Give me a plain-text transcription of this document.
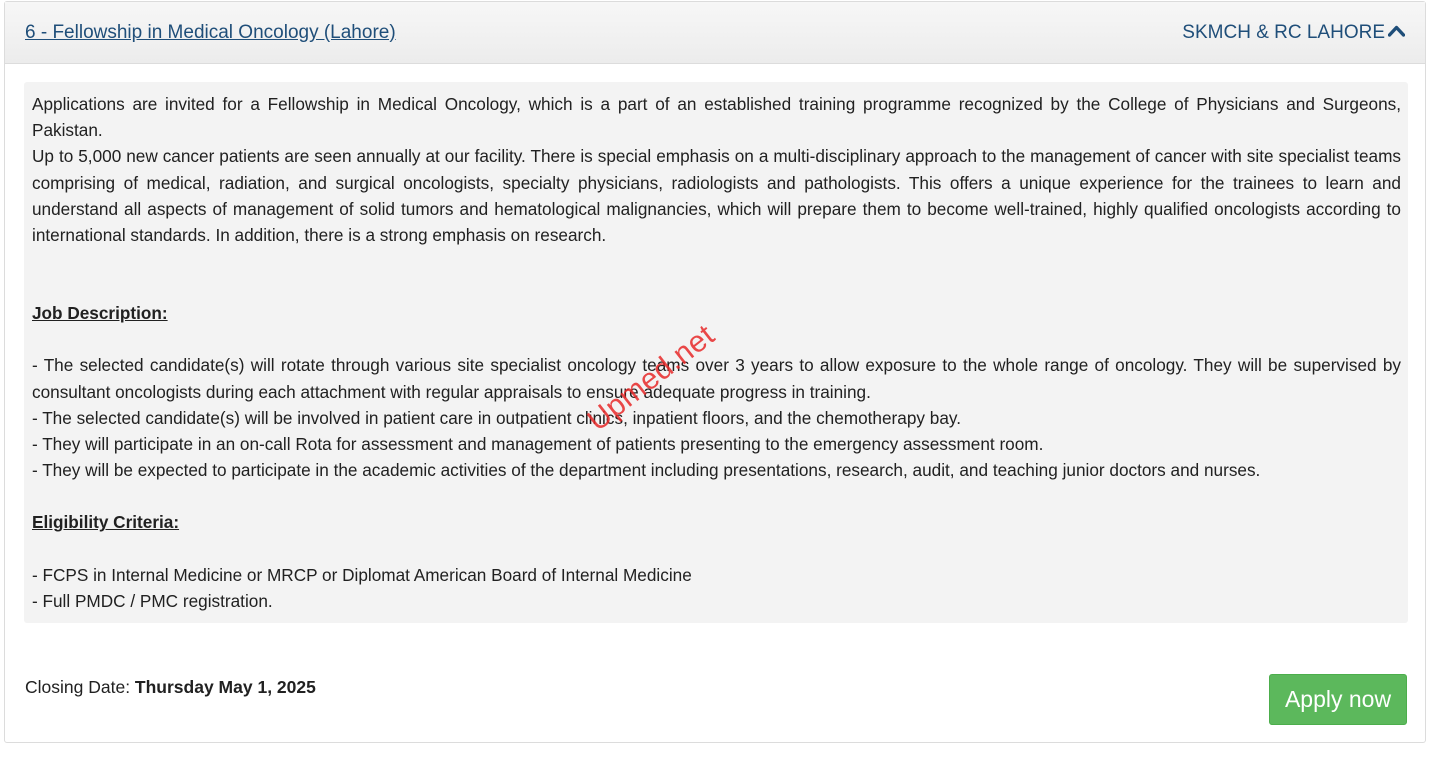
6 - Fellowship in Medical Oncology (Lahore)	SKMCH & RC LAHORE

Applications are invited for a Fellowship in Medical Oncology, which is a part of an established training programme recognized by the College of Physicians and Surgeons, Pakistan.

Up to 5,000 new cancer patients are seen annually at our facility. There is special emphasis on a multi-disciplinary approach to the management of cancer with site specialist teams comprising of medical, radiation, and surgical oncologists, specialty physicians, radiologists and pathologists. This offers a unique experience for the trainees to learn and understand all aspects of management of solid tumors and hematological malignancies, which will prepare them to become well-trained, highly qualified oncologists according to international standards. In addition, there is a strong emphasis on research.

Job Description:

- The selected candidate(s) will rotate through various site specialist oncology teams over 3 years to allow exposure to the whole range of oncology. They will be supervised by consultant oncologists during each attachment with regular appraisals to ensure adequate progress in training.

- The selected candidate(s) will be involved in patient care in outpatient clinics, inpatient floors, and the chemotherapy bay.

- They will participate in an on-call Rota for assessment and management of patients presenting to the emergency assessment room.

- They will be expected to participate in the academic activities of the department including presentations, research, audit, and teaching junior doctors and nurses.

Eligibility Criteria:

- FCPS in Internal Medicine or MRCP or Diplomat American Board of Internal Medicine

- Full PMDC / PMC registration.

Closing Date: Thursday May 1, 2025	Apply now
Upmed.net
